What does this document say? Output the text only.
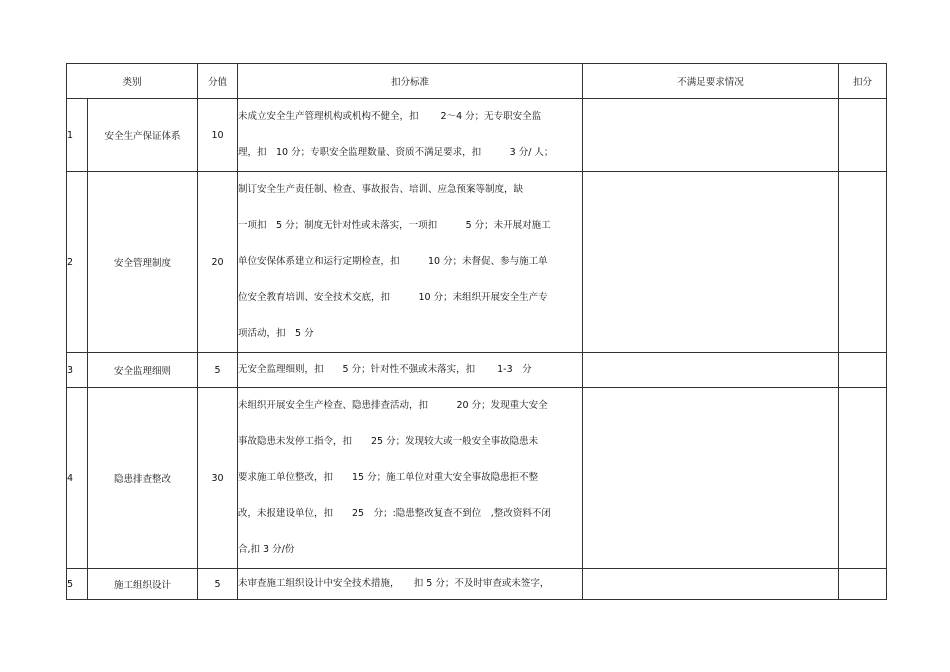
类别		分值	扣分标准	不满足要求情况	扣分
1	安全生产保证体系	10	未成立安全生产管理机构或机构不健全，扣　　 2～4 分；无专职安全监
理，扣　10 分；专职安全监理数量、资质不满足要求，扣　　　3 分/ 人；		

2	安全管理制度	20	制订安全生产责任制、检查、事故报告、培训、应急预案等制度，缺
一项扣　5 分；制度无针对性或未落实，一项扣　　　5 分；未开展对施工
单位安保体系建立和运行定期检查，扣　　　10 分；未督促、参与施工单
位安全教育培训、安全技术交底，扣　　　10 分；未组织开展安全生产专
项活动，扣　5 分		

3	安全监理细则	5	无安全监理细则，扣　　5 分；针对性不强或未落实，扣　　 1-3　分		

4	隐患排查整改	30	未组织开展安全生产检查、隐患排查活动，扣　　　20 分；发现重大安全
事故隐患未发停工指令，扣　　25 分；发现较大或一般安全事故隐患未
要求施工单位整改，扣　　15 分；施工单位对重大安全事故隐患拒不整
改，未报建设单位，扣　　25　分；:隐患整改复查不到位　,整改资料不闭
合,扣 3 分/份		

5	施工组织设计	5	未审查施工组织设计中安全技术措施，　　扣 5 分；不及时审查或未签字，		
